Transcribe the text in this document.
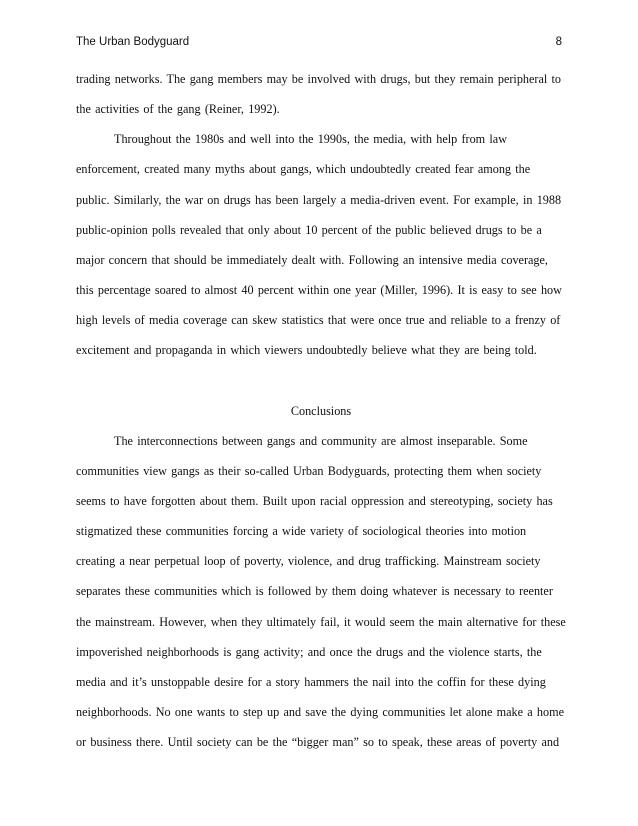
The Urban Bodyguard	8
trading networks. The gang members may be involved with drugs, but they remain peripheral to
the activities of the gang (Reiner, 1992).
Throughout the 1980s and well into the 1990s, the media, with help from law
enforcement, created many myths about gangs, which undoubtedly created fear among the
public. Similarly, the war on drugs has been largely a media-driven event. For example, in 1988
public-opinion polls revealed that only about 10 percent of the public believed drugs to be a
major concern that should be immediately dealt with. Following an intensive media coverage,
this percentage soared to almost 40 percent within one year (Miller, 1996). It is easy to see how
high levels of media coverage can skew statistics that were once true and reliable to a frenzy of
excitement and propaganda in which viewers undoubtedly believe what they are being told.
Conclusions
The interconnections between gangs and community are almost inseparable. Some
communities view gangs as their so-called Urban Bodyguards, protecting them when society
seems to have forgotten about them. Built upon racial oppression and stereotyping, society has
stigmatized these communities forcing a wide variety of sociological theories into motion
creating a near perpetual loop of poverty, violence, and drug trafficking. Mainstream society
separates these communities which is followed by them doing whatever is necessary to reenter
the mainstream. However, when they ultimately fail, it would seem the main alternative for these
impoverished neighborhoods is gang activity; and once the drugs and the violence starts, the
media and it’s unstoppable desire for a story hammers the nail into the coffin for these dying
neighborhoods. No one wants to step up and save the dying communities let alone make a home
or business there. Until society can be the “bigger man” so to speak, these areas of poverty and
